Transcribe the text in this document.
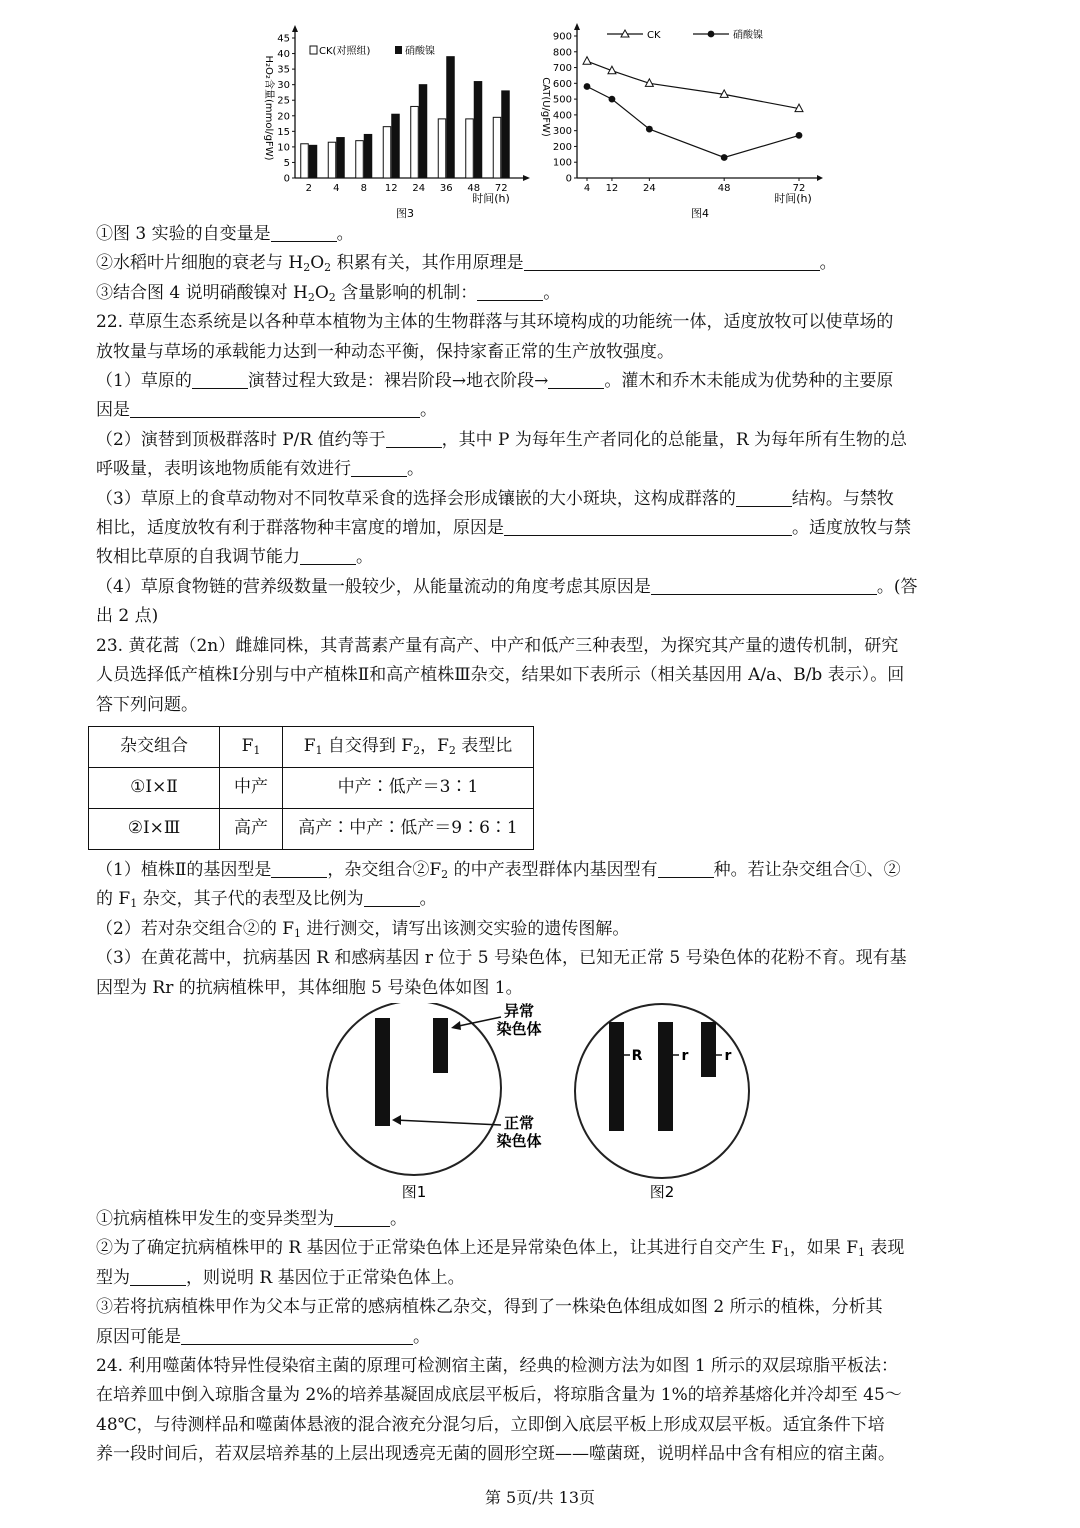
0
5
10
15
20
25
30
35
40
45
2 4 8 12 24 36 48 72
H₂O₂含量(mmol/gFW)
时间(h)
图3
CK(对照组)	硝酸镍
0
100
200
300
400
500
600
700
800
900
4 12 24	48	72
CAT(U/gFW)
时间(h)
图4
CK	硝酸镍
①图 3 实验的自变量是	。
②水稻叶片细胞的衰老与 $H_2O_2$ 积累有关，其作用原理是	。
③结合图 4 说明硝酸镍对 $H_2O_2$ 含量影响的机制：	。
22. 草原生态系统是以各种草本植物为主体的生物群落与其环境构成的功能统一体，适度放牧可以使草场的
放牧量与草场的承载能力达到一种动态平衡，保持家畜正常的生产放牧强度。
（1）草原的	演替过程大致是：裸岩阶段→地衣阶段→	。灌木和乔木未能成为优势种的主要原
因是	。
（2）演替到顶极群落时 P/R 值约等于	，其中 P 为每年生产者同化的总能量，R 为每年所有生物的总
呼吸量，表明该地物质能有效进行	。
（3）草原上的食草动物对不同牧草采食的选择会形成镶嵌的大小斑块，这构成群落的	结构。与禁牧
相比，适度放牧有利于群落物种丰富度的增加，原因是	。适度放牧与禁
牧相比草原的自我调节能力	。
（4）草原食物链的营养级数量一般较少，从能量流动的角度考虑其原因是	。(答
出 2 点)
23. 黄花蒿（2n）雌雄同株，其青蒿素产量有高产、中产和低产三种表型，为探究其产量的遗传机制，研究
人员选择低产植株Ⅰ分别与中产植株Ⅱ和高产植株Ⅲ杂交，结果如下表所示（相关基因用 A/a、B/b 表示）。回
答下列问题。
杂交组合	$F_1$	$F_1$ 自交得到 $F_2$，$F_2$ 表型比
①Ⅰ×Ⅱ	中产	中产∶低产＝3∶1
②Ⅰ×Ⅲ	高产	高产∶中产∶低产＝9∶6∶1
（1）植株Ⅱ的基因型是	，杂交组合$②F_2$ 的中产表型群体内基因型有	种。若让杂交组合①、②
的 $F_1$ 杂交，其子代的表型及比例为	。
（2）若对杂交组合②的 $F_1$ 进行测交，请写出该测交实验的遗传图解。
（3）在黄花蒿中，抗病基因 R 和感病基因 r 位于 5 号染色体，已知无正常 5 号染色体的花粉不育。现有基
因型为 Rr 的抗病植株甲，其体细胞 5 号染色体如图 1。
异常
染色体
正常
染色体
图1
R	r	r
图2
①抗病植株甲发生的变异类型为	。
②为了确定抗病植株甲的 R 基因位于正常染色体上还是异常染色体上，让其进行自交产生 $F_1$，如果 $F_1$ 表现
型为	，则说明 R 基因位于正常染色体上。
③若将抗病植株甲作为父本与正常的感病植株乙杂交，得到了一株染色体组成如图 2 所示的植株，分析其
原因可能是	。
24. 利用噬菌体特异性侵染宿主菌的原理可检测宿主菌，经典的检测方法为如图 1 所示的双层琼脂平板法：
在培养皿中倒入琼脂含量为 2%的培养基凝固成底层平板后，将琼脂含量为 1%的培养基熔化并冷却至 45～
48℃，与待测样品和噬菌体悬液的混合液充分混匀后，立即倒入底层平板上形成双层平板。适宜条件下培
养一段时间后，若双层培养基的上层出现透亮无菌的圆形空斑——噬菌斑，说明样品中含有相应的宿主菌。
第 5页/共 13页
